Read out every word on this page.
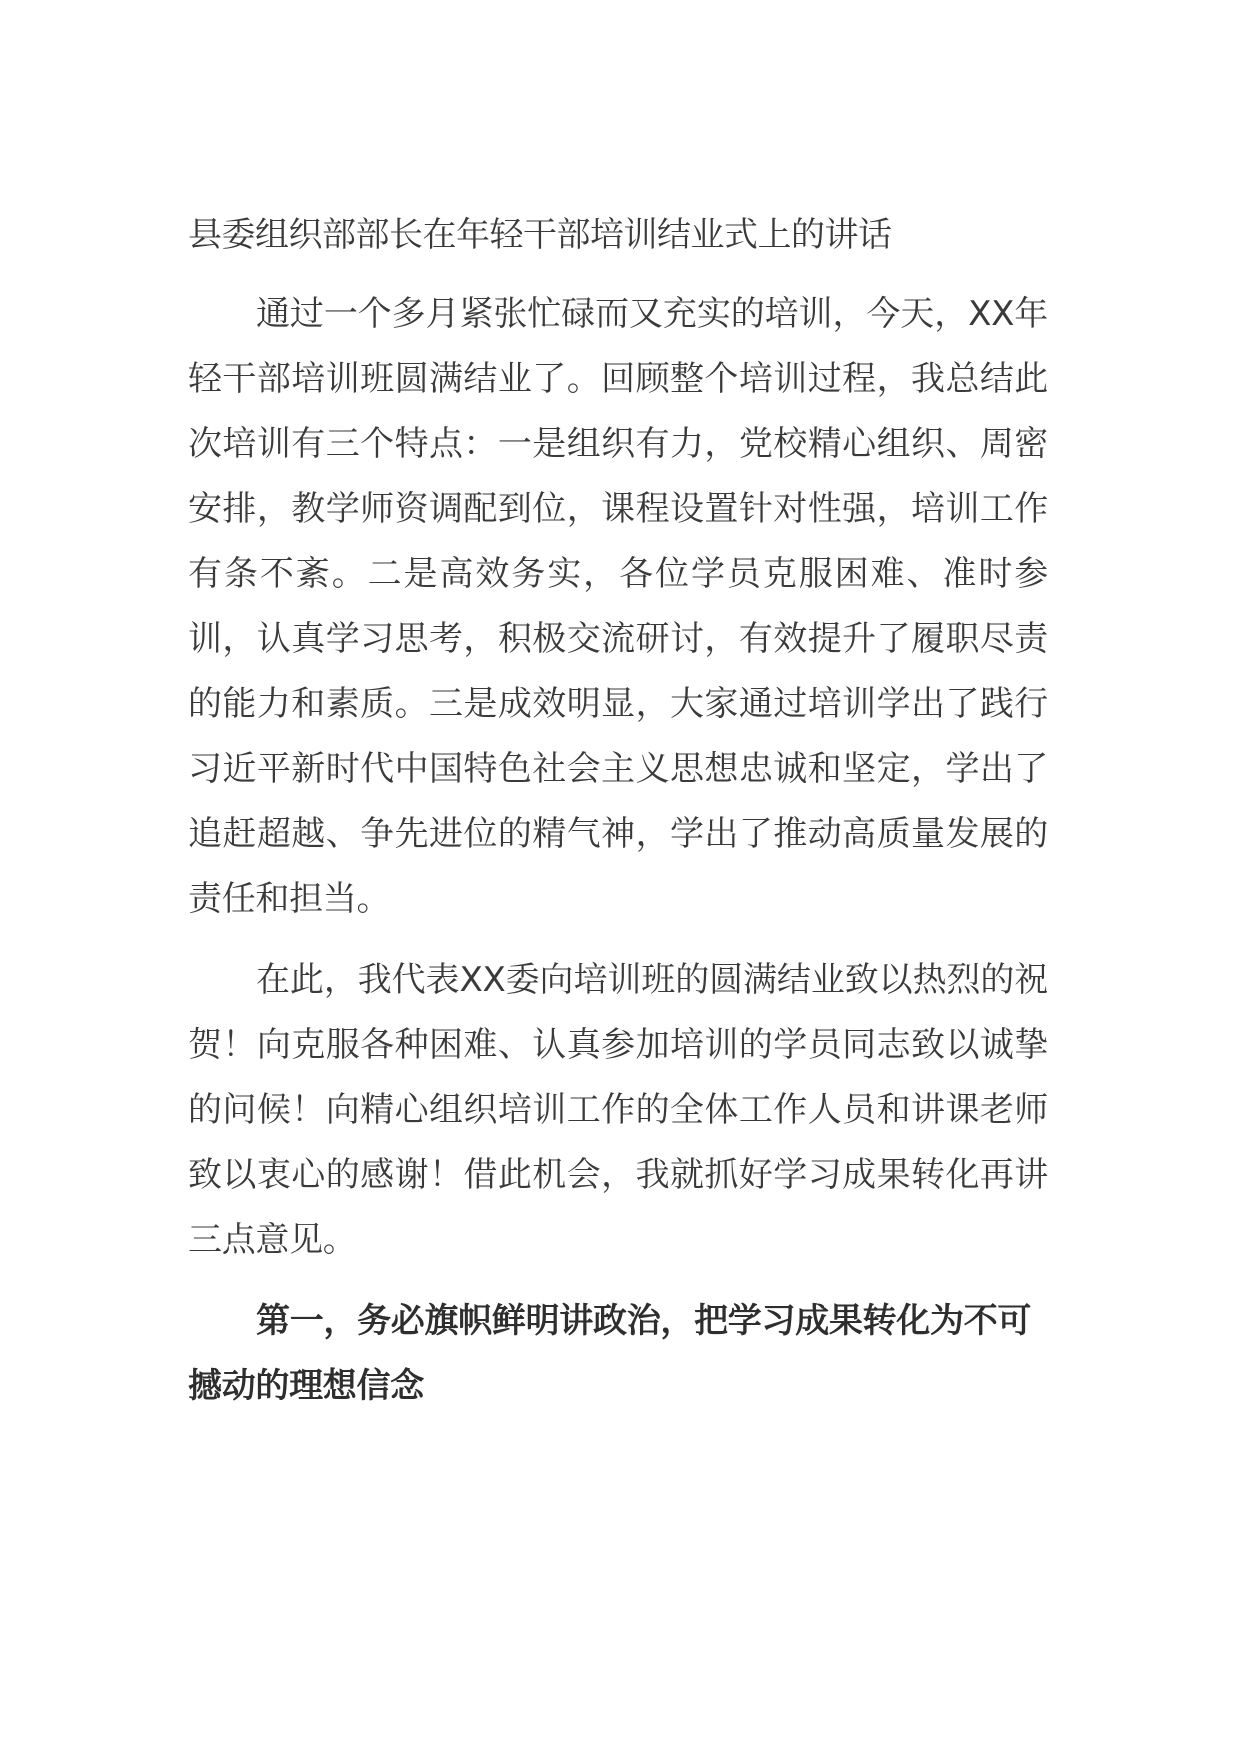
县委组织部部长在年轻干部培训结业式上的讲话

通过一个多月紧张忙碌而又充实的培训，今天，XX年轻干部培训班圆满结业了。回顾整个培训过程，我总结此次培训有三个特点：一是组织有力，党校精心组织、周密安排，教学师资调配到位，课程设置针对性强，培训工作有条不紊。二是高效务实，各位学员克服困难、准时参训，认真学习思考，积极交流研讨，有效提升了履职尽责的能力和素质。三是成效明显，大家通过培训学出了践行习近平新时代中国特色社会主义思想忠诚和坚定，学出了追赶超越、争先进位的精气神，学出了推动高质量发展的责任和担当。

在此，我代表XX委向培训班的圆满结业致以热烈的祝贺！向克服各种困难、认真参加培训的学员同志致以诚挚的问候！向精心组织培训工作的全体工作人员和讲课老师致以衷心的感谢！借此机会，我就抓好学习成果转化再讲三点意见。

第一，务必旗帜鲜明讲政治，把学习成果转化为不可撼动的理想信念
